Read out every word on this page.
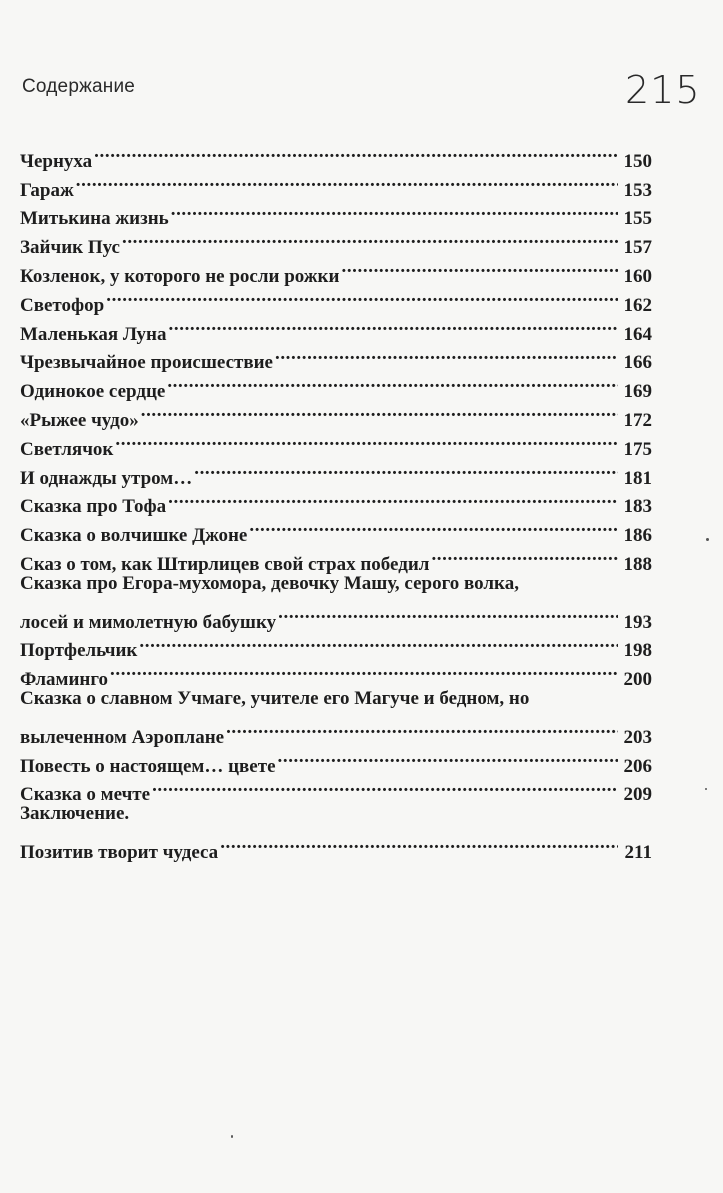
Содержание	215
Чернуха .....	150
Гараж .....	153
Митькина жизнь .....	155
Зайчик Пус .....	157
Козленок, у которого не росли рожки .....	160
Светофор .....	162
Маленькая Луна .....	164
Чрезвычайное происшествие .....	166
Одинокое сердце .....	169
«Рыжее чудо» .....	172
Светлячок .....	175
И однажды утром… .....	181
Сказка про Тофа .....	183
Сказка о волчишке Джоне .....	186
Сказ о том, как Штирлицев свой страх победил .....	188
Сказка про Егора-мухомора, девочку Машу, серого волка,
лосей и мимолетную бабушку .....	193
Портфельчик .....	198
Фламинго .....	200
Сказка о славном Учмаге, учителе его Магуче и бедном, но
вылеченном Аэроплане .....	203
Повесть о настоящем… цвете .....	206
Сказка о мечте .....	209
Заключение.
Позитив творит чудеса .....	211
